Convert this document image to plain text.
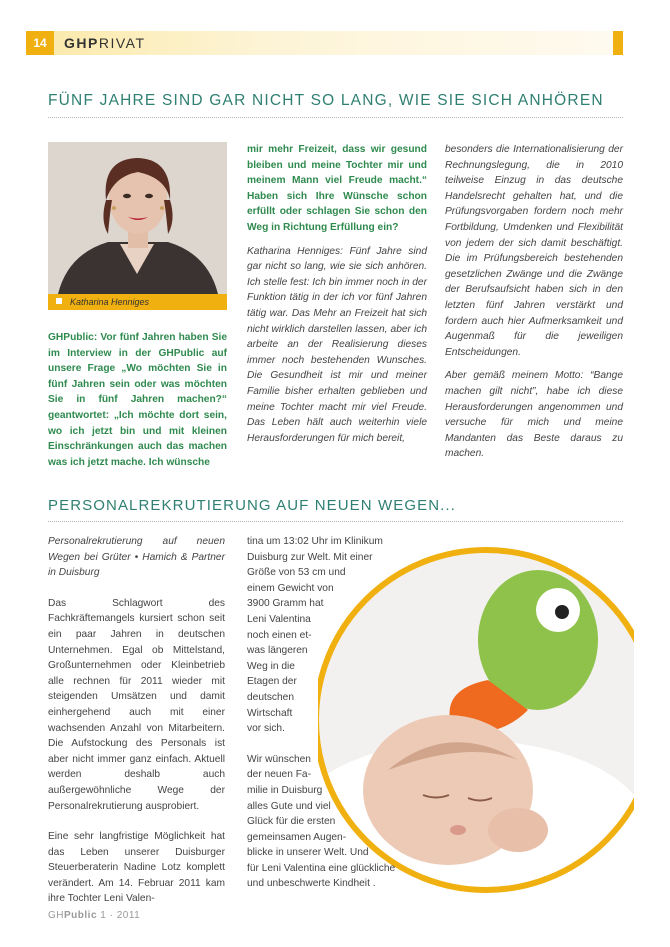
14	GHPRIVAT
FÜNF JAHRE SIND GAR NICHT SO LANG, WIE SIE SICH ANHÖREN
Katharina Henniges
GHPublic: Vor fünf Jahren haben Sie im Interview in der GHPublic auf unsere Frage „Wo möchten Sie in fünf Jahren sein oder was möchten Sie in fünf Jahren machen?“ geantwortet: „Ich möchte dort sein, wo ich jetzt bin und mit kleinen Einschränkungen auch das machen was ich jetzt mache. Ich wünsche

mir mehr Freizeit, dass wir gesund bleiben und meine Tochter mir und meinem Mann viel Freude macht.“ Haben sich Ihre Wünsche schon erfüllt oder schlagen Sie schon den Weg in Richtung Erfüllung ein?

Katharina Henniges: Fünf Jahre sind gar nicht so lang, wie sie sich anhören. Ich stelle fest: Ich bin immer noch in der Funktion tätig in der ich vor fünf Jahren tätig war. Das Mehr an Freizeit hat sich nicht wirklich darstellen lassen, aber ich arbeite an der Realisierung dieses immer noch bestehenden Wunsches. Die Gesundheit ist mir und meiner Familie bisher erhalten geblieben und meine Tochter macht mir viel Freude. Das Leben hält auch weiterhin viele Herausforderungen für mich bereit,

besonders die Internationalisierung der Rechnungslegung, die in 2010 teilweise Einzug in das deutsche Handelsrecht gehalten hat, und die Prüfungsvorgaben fordern noch mehr Fortbildung, Umdenken und Flexibilität von jedem der sich damit beschäftigt. Die im Prüfungsbereich bestehenden gesetzlichen Zwänge und die Zwänge der Berufsaufsicht haben sich in den letzten fünf Jahren verstärkt und fordern auch hier Aufmerksamkeit und Augenmaß für die jeweiligen Entscheidungen.

Aber gemäß meinem Motto: “Bange machen gilt nicht”, habe ich diese Herausforderungen angenommen und versuche für mich und meine Mandanten das Beste daraus zu machen.

PERSONALREKRUTIERUNG AUF NEUEN WEGEN...

Personalrekrutierung auf neuen Wegen bei Grüter • Hamich & Partner in Duisburg

Das Schlagwort des Fachkräftemangels kursiert schon seit ein paar Jahren in deutschen Unternehmen. Egal ob Mittelstand, Großunternehmen oder Kleinbetrieb alle rechnen für 2011 wieder mit steigenden Umsätzen und damit einhergehend auch mit einer wachsenden Anzahl von Mitarbeitern. Die Aufstockung des Personals ist aber nicht immer ganz einfach. Aktuell werden deshalb auch außergewöhnliche Wege der Personalrekrutierung ausprobiert.

Eine sehr langfristige Möglichkeit hat das Leben unserer Duisburger Steuerberaterin Nadine Lotz komplett verändert. Am 14. Februar 2011 kam ihre Tochter Leni Valen-

tina um 13:02 Uhr im Klinikum
Duisburg zur Welt. Mit einer
Größe von 53 cm und
einem Gewicht von
3900 Gramm hat
Leni Valentina
noch einen et-
was längeren
Weg in die
Etagen der
deutschen
Wirtschaft
vor sich.
Wir wünschen
der neuen Fa-
milie in Duisburg
alles Gute und viel
Glück für die ersten
gemeinsamen Augen-
blicke in unserer Welt. Und
für Leni Valentina eine glückliche
und unbeschwerte Kindheit .
GHPublic 1 · 2011
